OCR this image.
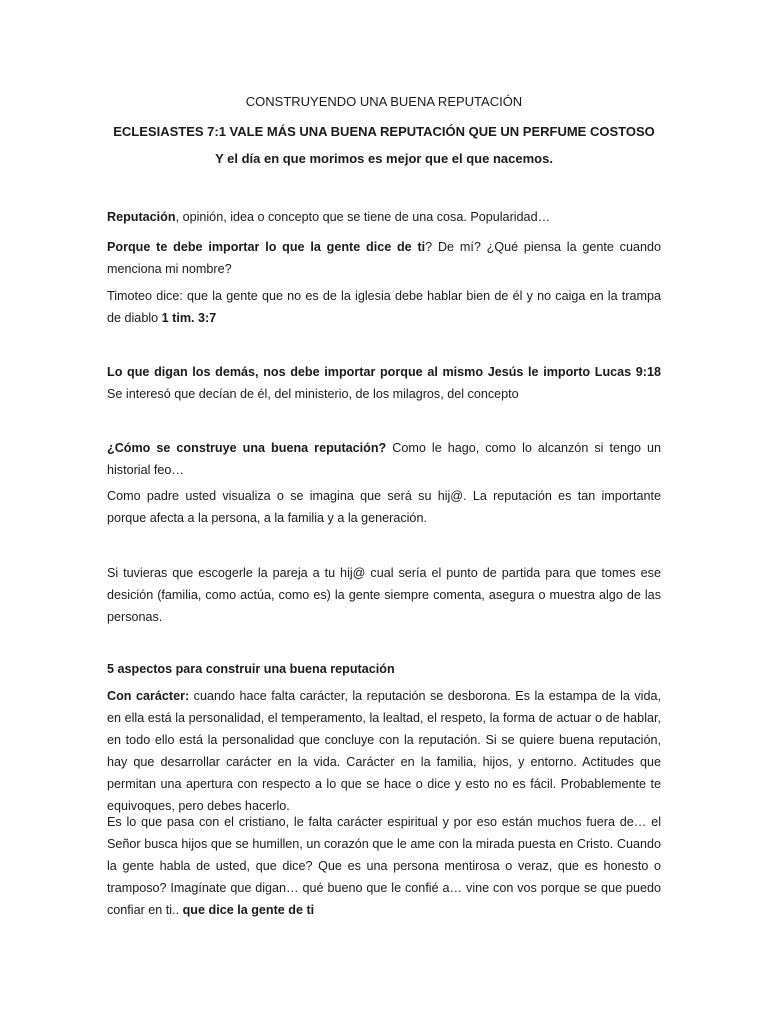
CONSTRUYENDO UNA BUENA REPUTACIÓN
ECLESIASTES 7:1 VALE MÁS UNA BUENA REPUTACIÓN QUE UN PERFUME COSTOSO
Y el día en que morimos es mejor que el que nacemos.
Reputación, opinión, idea o concepto que se tiene de una cosa. Popularidad…
Porque te debe importar lo que la gente dice de ti? De mí? ¿Qué piensa la gente cuando menciona mi nombre?
Timoteo dice: que la gente que no es de la iglesia debe hablar bien de él y no caiga en la trampa de diablo 1 tim. 3:7
Lo que digan los demás, nos debe importar porque al mismo Jesús le importo Lucas 9:18 Se interesó que decían de él, del ministerio, de los milagros, del concepto
¿Cómo se construye una buena reputación? Como le hago, como lo alcanzón si tengo un historial feo…
Como padre usted visualiza o se imagina que será su hij@. La reputación es tan importante porque afecta a la persona, a la familia y a la generación.
Si tuvieras que escogerle la pareja a tu hij@ cual sería el punto de partida para que tomes ese desición (familia, como actúa, como es) la gente siempre comenta, asegura o muestra algo de las personas.
5 aspectos para construir una buena reputación
Con carácter: cuando hace falta carácter, la reputación se desborona. Es la estampa de la vida, en ella está la personalidad, el temperamento, la lealtad, el respeto, la forma de actuar o de hablar, en todo ello está la personalidad que concluye con la reputación. Si se quiere buena reputación, hay que desarrollar carácter en la vida. Carácter en la familia, hijos, y entorno. Actitudes que permitan una apertura con respecto a lo que se hace o dice y esto no es fácil. Probablemente te equivoques, pero debes hacerlo.
Es lo que pasa con el cristiano, le falta carácter espiritual y por eso están muchos fuera de… el Señor busca hijos que se humillen, un corazón que le ame con la mirada puesta en Cristo. Cuando la gente habla de usted, que dice? Que es una persona mentirosa o veraz, que es honesto o tramposo? Imagínate que digan… qué bueno que le confié a… vine con vos porque se que puedo confiar en ti.. que dice la gente de ti
